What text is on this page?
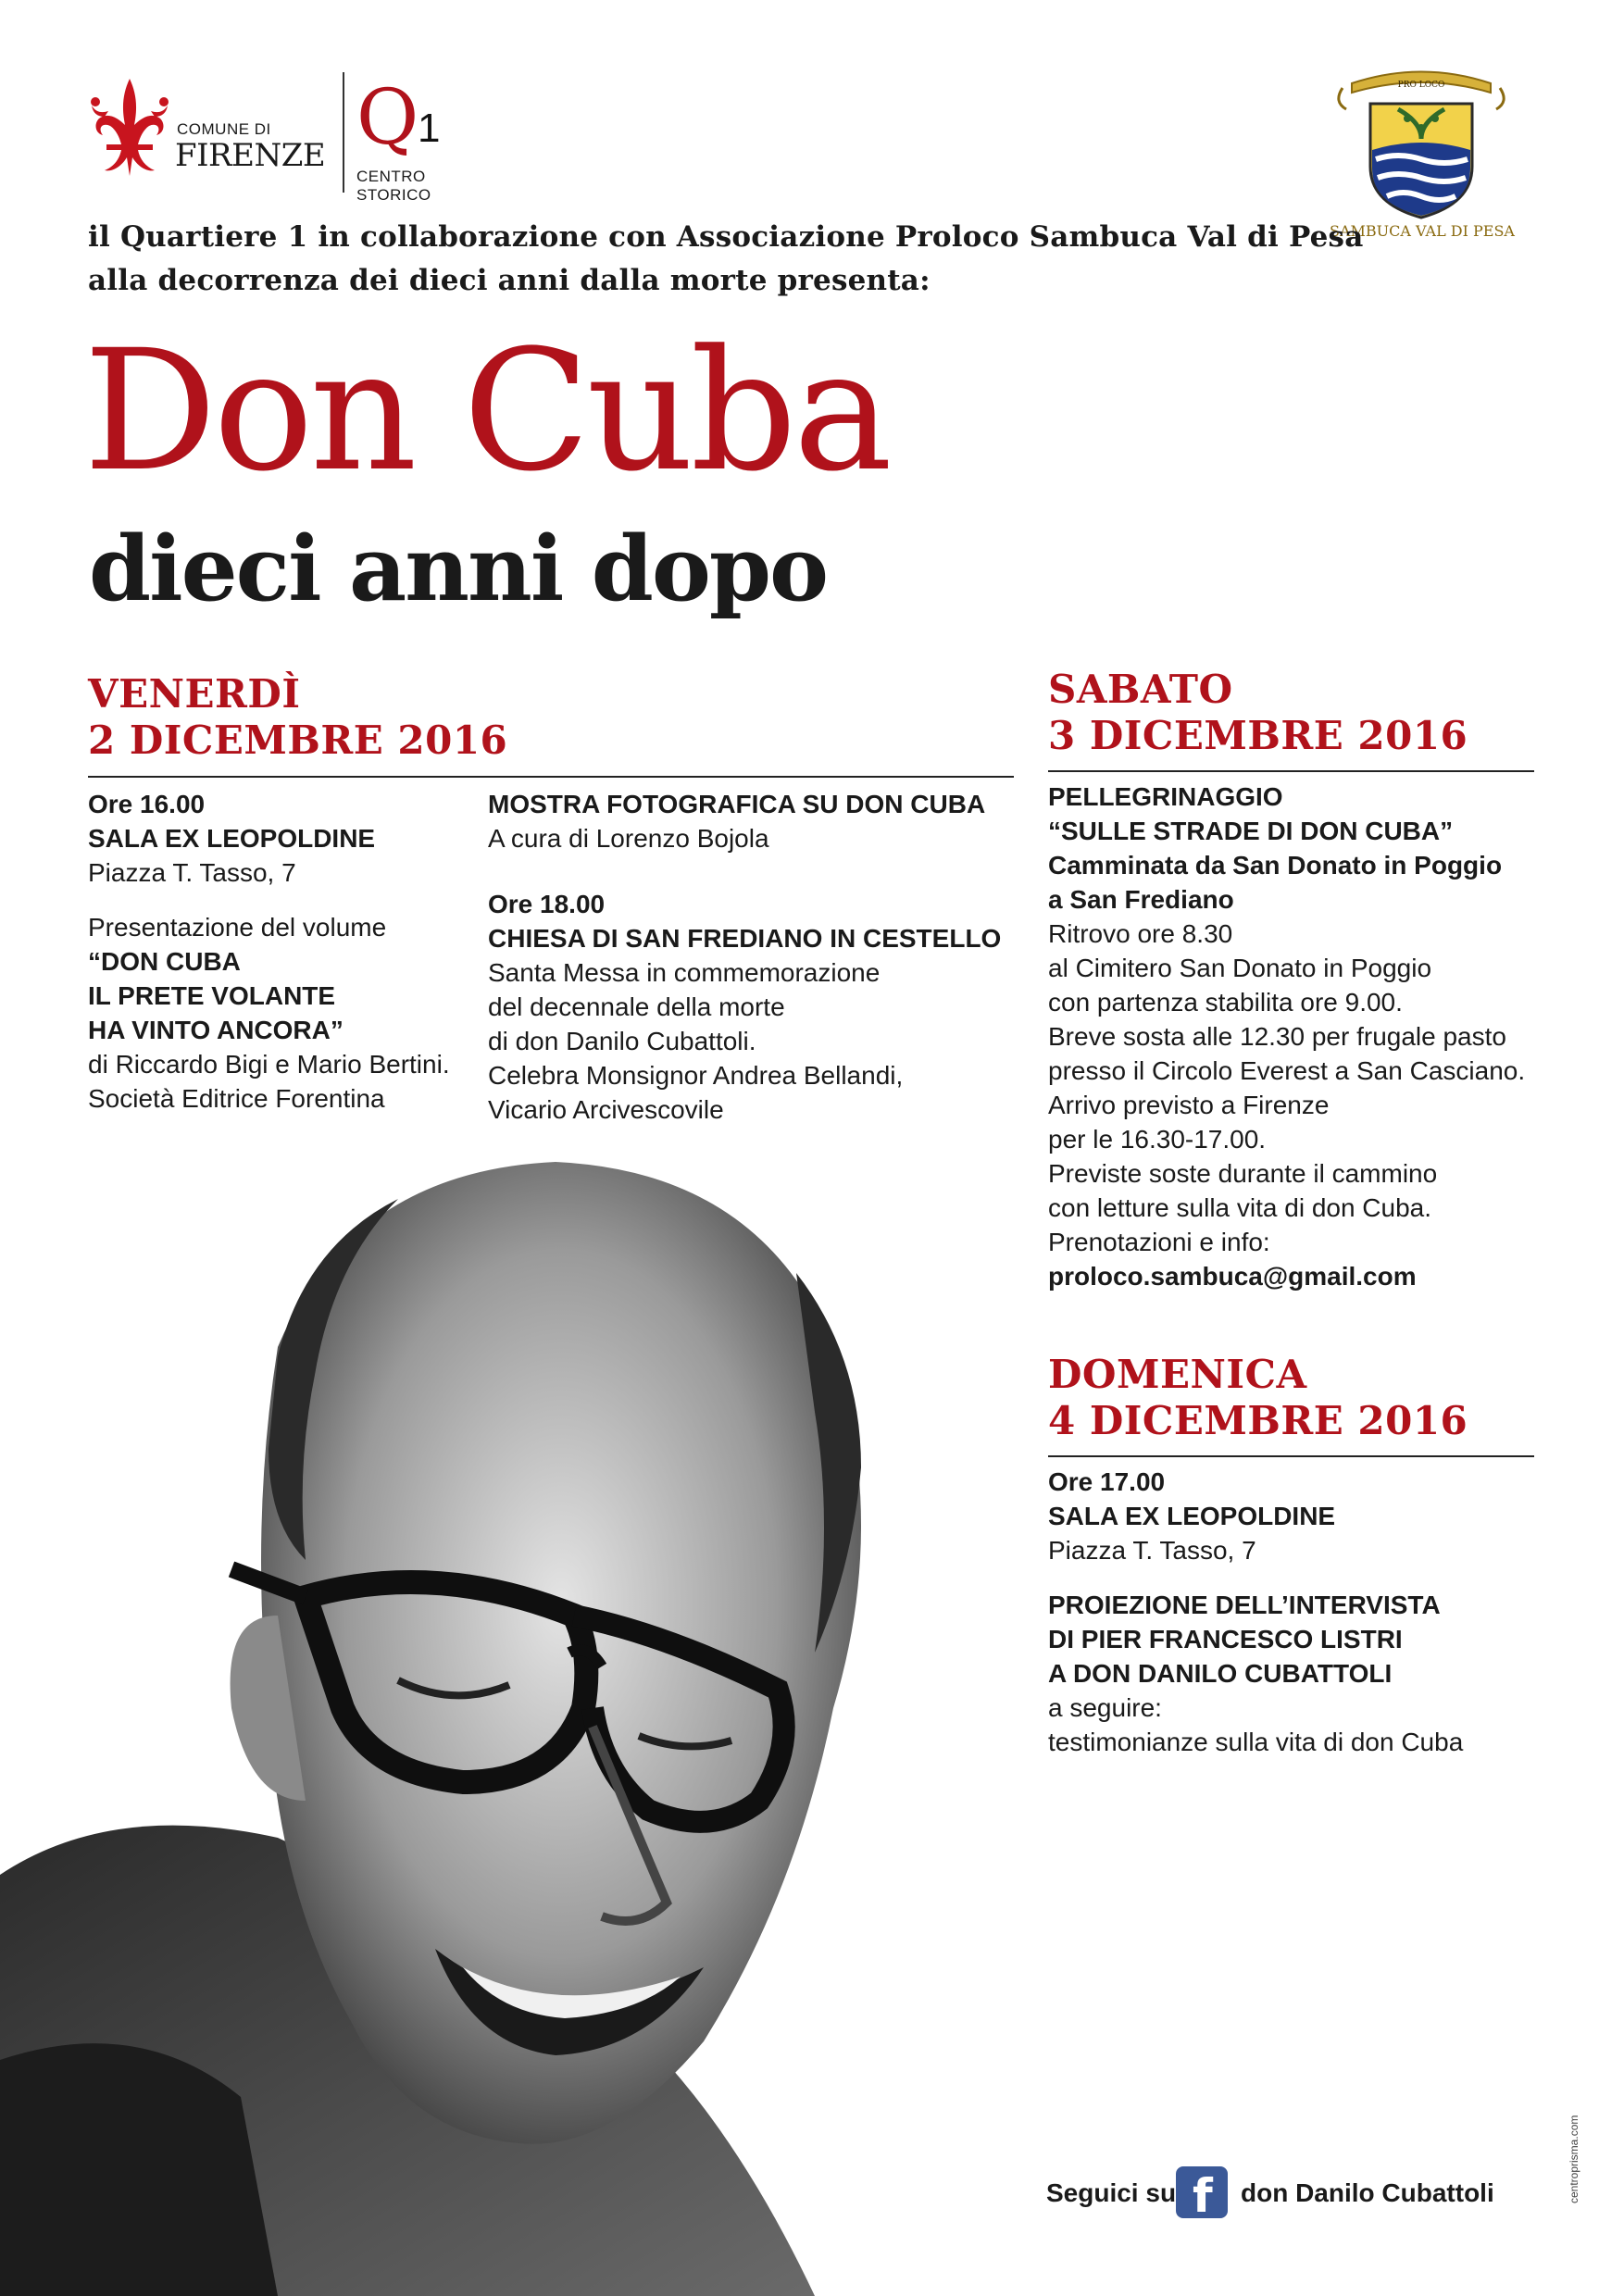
COMUNE DI
FIRENZE Q
1
CENTRO STORICO
PRO LOCO
SAMBUCA VAL DI PESA
il Quartiere 1 in collaborazione con Associazione Proloco Sambuca Val di Pesa
alla decorrenza dei dieci anni dalla morte presenta:
Don Cuba
dieci anni dopo
VENERDÌ
2 DICEMBRE 2016
Ore 16.00
SALA EX LEOPOLDINE
Piazza T. Tasso, 7
Presentazione del volume
“DON CUBA
IL PRETE VOLANTE
HA VINTO ANCORA”
di Riccardo Bigi e Mario Bertini.
Società Editrice Forentina
MOSTRA FOTOGRAFICA SU DON CUBA
A cura di Lorenzo Bojola
Ore 18.00
CHIESA DI SAN FREDIANO IN CESTELLO
Santa Messa in commemorazione
del decennale della morte
di don Danilo Cubattoli.
Celebra Monsignor Andrea Bellandi,
Vicario Arcivescovile
SABATO
3 DICEMBRE 2016
PELLEGRINAGGIO
“SULLE STRADE DI DON CUBA”
Camminata da San Donato in Poggio
a San Frediano
Ritrovo ore 8.30
al Cimitero San Donato in Poggio
con partenza stabilita ore 9.00.
Breve sosta alle 12.30 per frugale pasto
presso il Circolo Everest a San Casciano.
Arrivo previsto a Firenze
per le 16.30-17.00.
Previste soste durante il cammino
con letture sulla vita di don Cuba.
Prenotazioni e info:
proloco.sambuca@gmail.com
DOMENICA
4 DICEMBRE 2016
Ore 17.00
SALA EX LEOPOLDINE
Piazza T. Tasso, 7
PROIEZIONE DELL’INTERVISTA
DI PIER FRANCESCO LISTRI
A DON DANILO CUBATTOLI
a seguire:
testimonianze sulla vita di don Cuba
Seguici su f don Danilo Cubattoli	centroprisma.com
